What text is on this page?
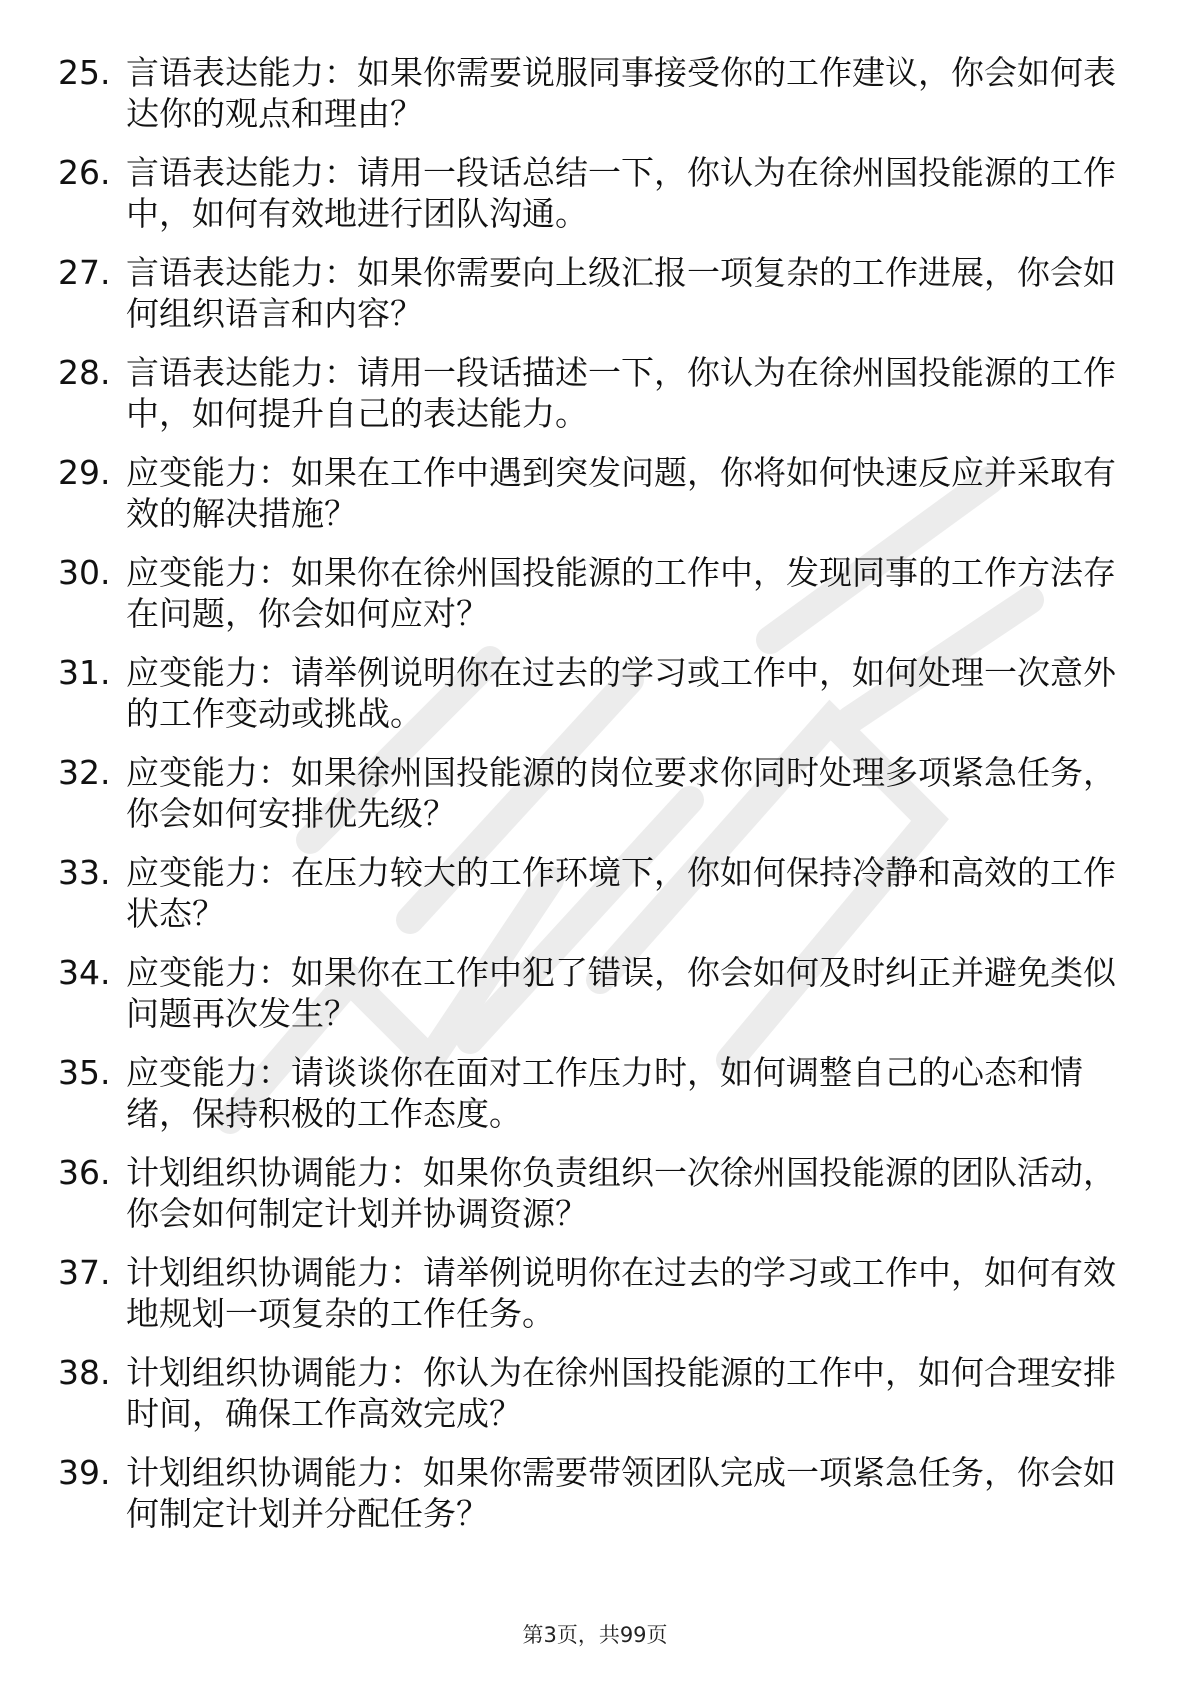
25. 言语表达能力：如果你需要说服同事接受你的工作建议，你会如何表达你的观点和理由？
26. 言语表达能力：请用一段话总结一下，你认为在徐州国投能源的工作中，如何有效地进行团队沟通。
27. 言语表达能力：如果你需要向上级汇报一项复杂的工作进展，你会如何组织语言和内容？
28. 言语表达能力：请用一段话描述一下，你认为在徐州国投能源的工作中，如何提升自己的表达能力。
29. 应变能力：如果在工作中遇到突发问题，你将如何快速反应并采取有效的解决措施？
30. 应变能力：如果你在徐州国投能源的工作中，发现同事的工作方法存在问题，你会如何应对？
31. 应变能力：请举例说明你在过去的学习或工作中，如何处理一次意外的工作变动或挑战。
32. 应变能力：如果徐州国投能源的岗位要求你同时处理多项紧急任务，你会如何安排优先级？
33. 应变能力：在压力较大的工作环境下，你如何保持冷静和高效的工作状态？
34. 应变能力：如果你在工作中犯了错误，你会如何及时纠正并避免类似问题再次发生？
35. 应变能力：请谈谈你在面对工作压力时，如何调整自己的心态和情绪，保持积极的工作态度。
36. 计划组织协调能力：如果你负责组织一次徐州国投能源的团队活动，你会如何制定计划并协调资源？
37. 计划组织协调能力：请举例说明你在过去的学习或工作中，如何有效地规划一项复杂的工作任务。
38. 计划组织协调能力：你认为在徐州国投能源的工作中，如何合理安排时间，确保工作高效完成？
39. 计划组织协调能力：如果你需要带领团队完成一项紧急任务，你会如何制定计划并分配任务？
第3页，共99页
